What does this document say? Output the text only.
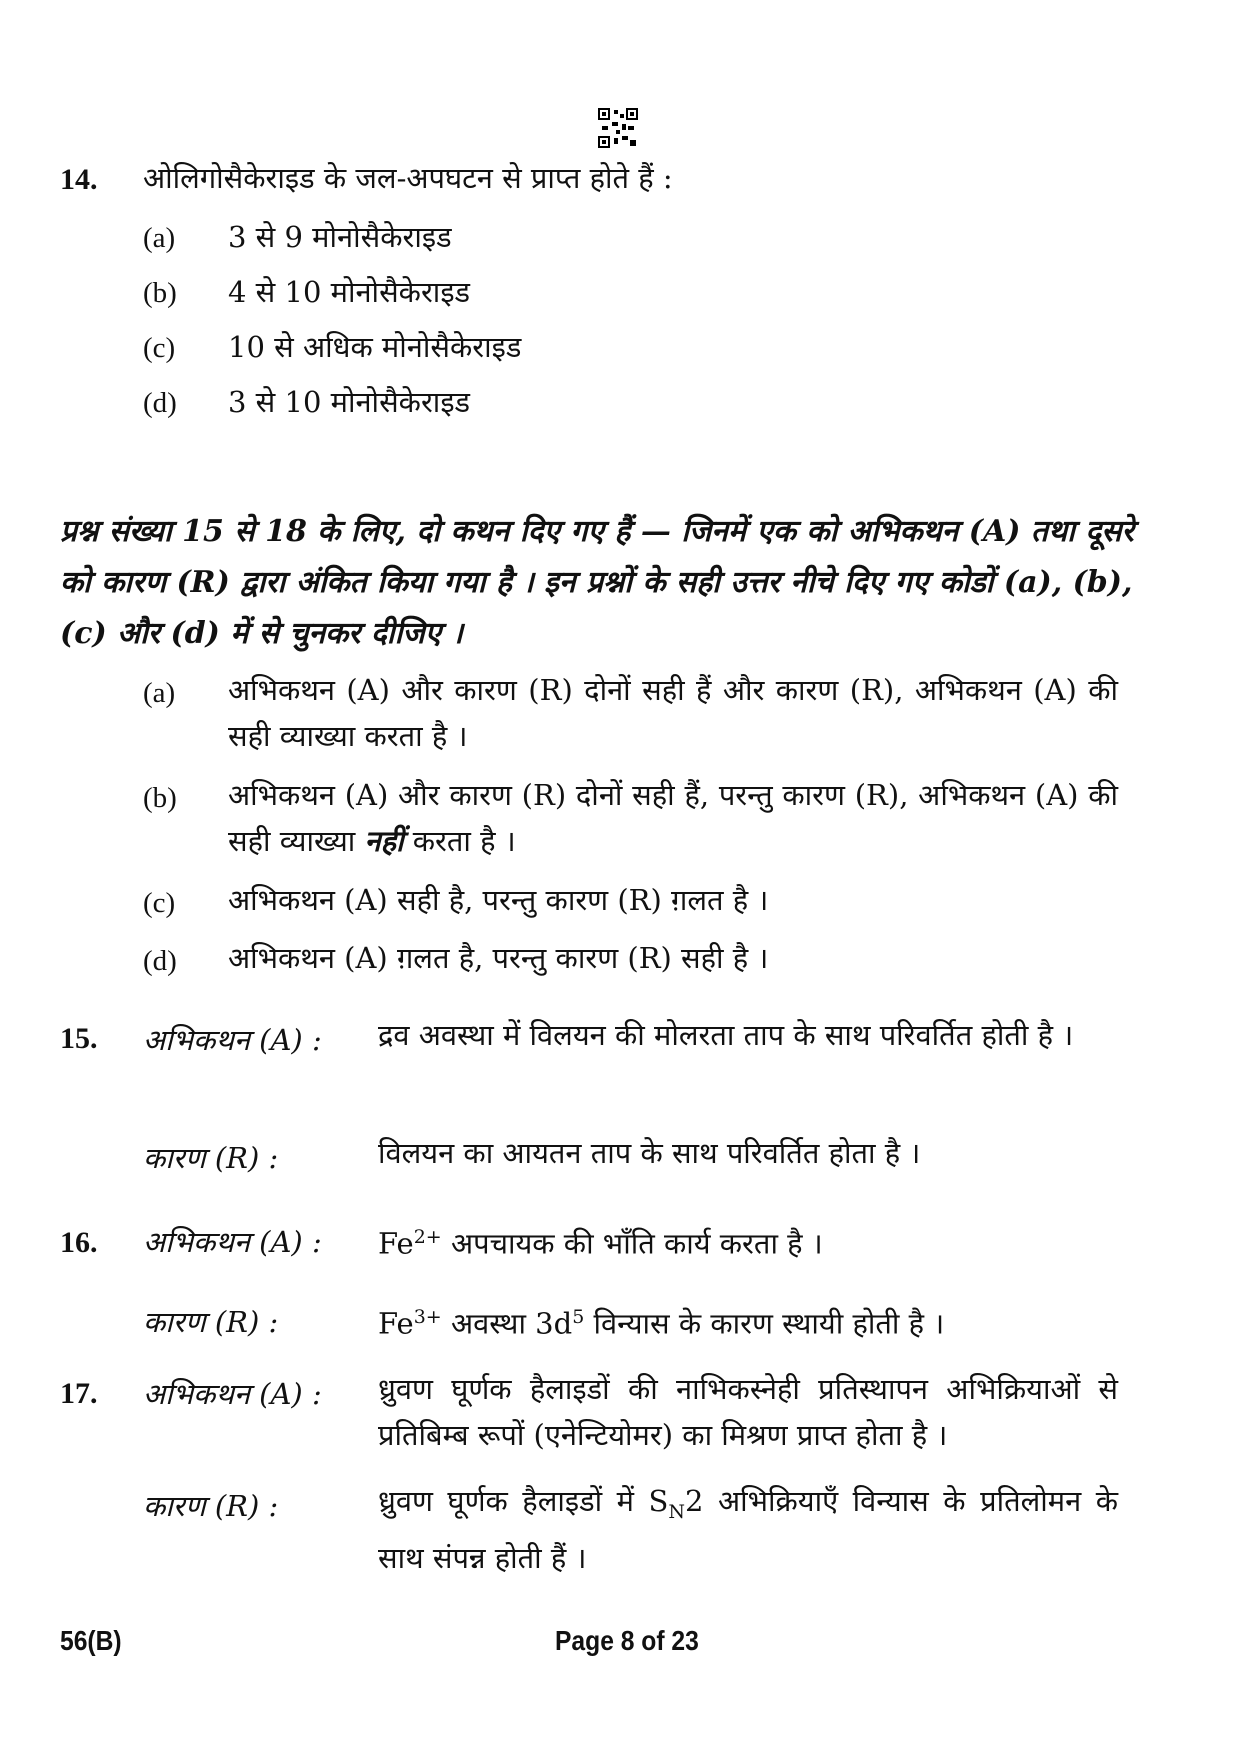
14. ओलिगोसैकेराइड के जल-अपघटन से प्राप्त होते हैं :
(a) 3 से 9 मोनोसैकेराइड
(b) 4 से 10 मोनोसैकेराइड
(c) 10 से अधिक मोनोसैकेराइड
(d) 3 से 10 मोनोसैकेराइड
प्रश्न संख्या 15 से 18 के लिए, दो कथन दिए गए हैं — जिनमें एक को अभिकथन (A) तथा दूसरे को कारण (R) द्वारा अंकित किया गया है । इन प्रश्नों के सही उत्तर नीचे दिए गए कोडों (a), (b), (c) और (d) में से चुनकर दीजिए ।
(a) अभिकथन (A) और कारण (R) दोनों सही हैं और कारण (R), अभिकथन (A) की सही व्याख्या करता है ।
(b) अभिकथन (A) और कारण (R) दोनों सही हैं, परन्तु कारण (R), अभिकथन (A) की सही व्याख्या नहीं करता है ।
(c) अभिकथन (A) सही है, परन्तु कारण (R) ग़लत है ।
(d) अभिकथन (A) ग़लत है, परन्तु कारण (R) सही है ।
15. अभिकथन (A) : द्रव अवस्था में विलयन की मोलरता ताप के साथ परिवर्तित होती है ।
कारण (R) :	विलयन का आयतन ताप के साथ परिवर्तित होता है ।
16. अभिकथन (A) : $Fe^{2+}$ अपचायक की भाँति कार्य करता है ।
कारण (R) :	$Fe^{3+}$ अवस्था $3d^5$ विन्यास के कारण स्थायी होती है ।
17. अभिकथन (A) : ध्रुवण घूर्णक हैलाइडों की नाभिकस्नेही प्रतिस्थापन अभिक्रियाओं से प्रतिबिम्ब रूपों (एनेन्टियोमर) का मिश्रण प्राप्त होता है ।
कारण (R) :	ध्रुवण घूर्णक हैलाइडों में $S_N2$ अभिक्रियाएँ विन्यास के प्रतिलोमन के साथ संपन्न होती हैं ।
56(B)	Page 8 of 23
